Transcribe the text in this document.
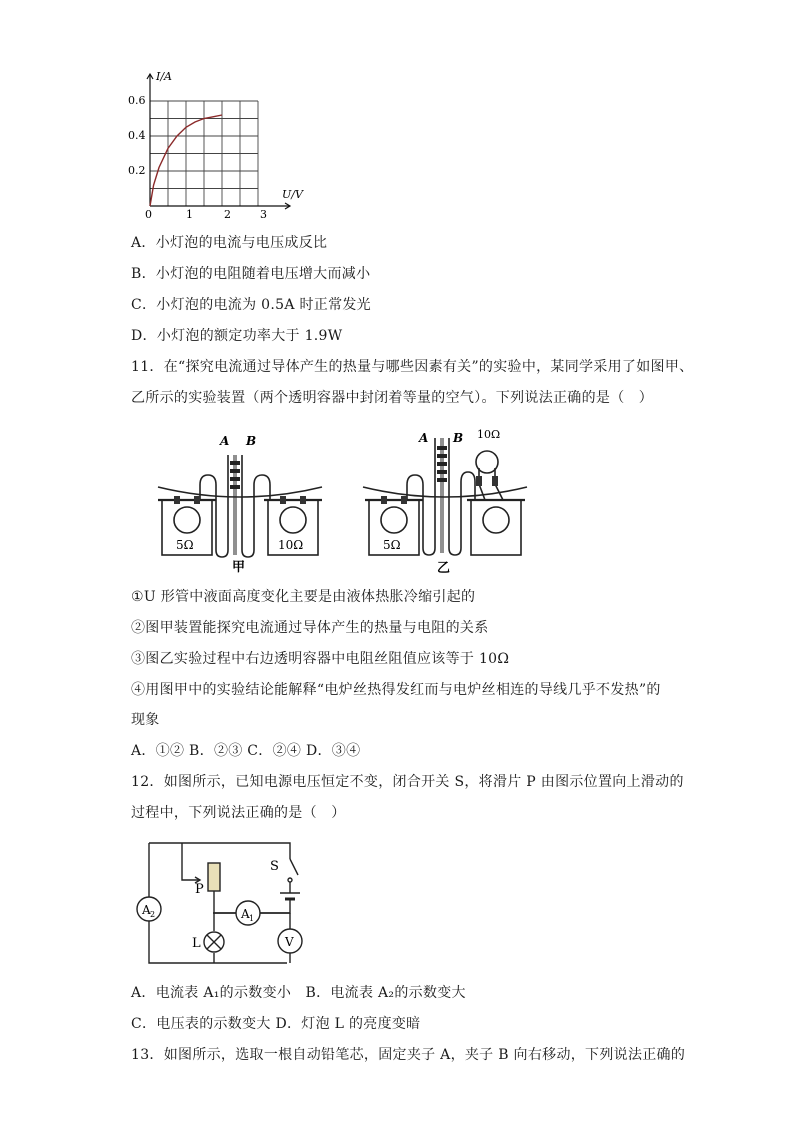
I/A
U/V
0
0.2
0.4
0.6
1	2	3
A．小灯泡的电流与电压成反比
B．小灯泡的电阻随着电压增大而减小
C．小灯泡的电流为 0.5A 时正常发光
D．小灯泡的额定功率大于 1.9W
11．在“探究电流通过导体产生的热量与哪些因素有关”的实验中，某同学采用了如图甲、
乙所示的实验装置（两个透明容器中封闭着等量的空气）。下列说法正确的是（　）
A B
5Ω	10Ω
甲
A B 10Ω
5Ω
乙
①U 形管中液面高度变化主要是由液体热胀冷缩引起的
②图甲装置能探究电流通过导体产生的热量与电阻的关系
③图乙实验过程中右边透明容器中电阻丝阻值应该等于 10Ω
④用图甲中的实验结论能解释“电炉丝热得发红而与电炉丝相连的导线几乎不发热”的
现象
A．①② B．②③ C．②④ D．③④
12．如图所示，已知电源电压恒定不变，闭合开关 S，将滑片 P 由图示位置向上滑动的
过程中，下列说法正确的是（　）
A 2	A 1
V
S
P
L
A．电流表 A₁的示数变小　B．电流表 A₂的示数变大
C．电压表的示数变大 D．灯泡 L 的亮度变暗
13．如图所示，选取一根自动铅笔芯，固定夹子 A，夹子 B 向右移动，下列说法正确的
